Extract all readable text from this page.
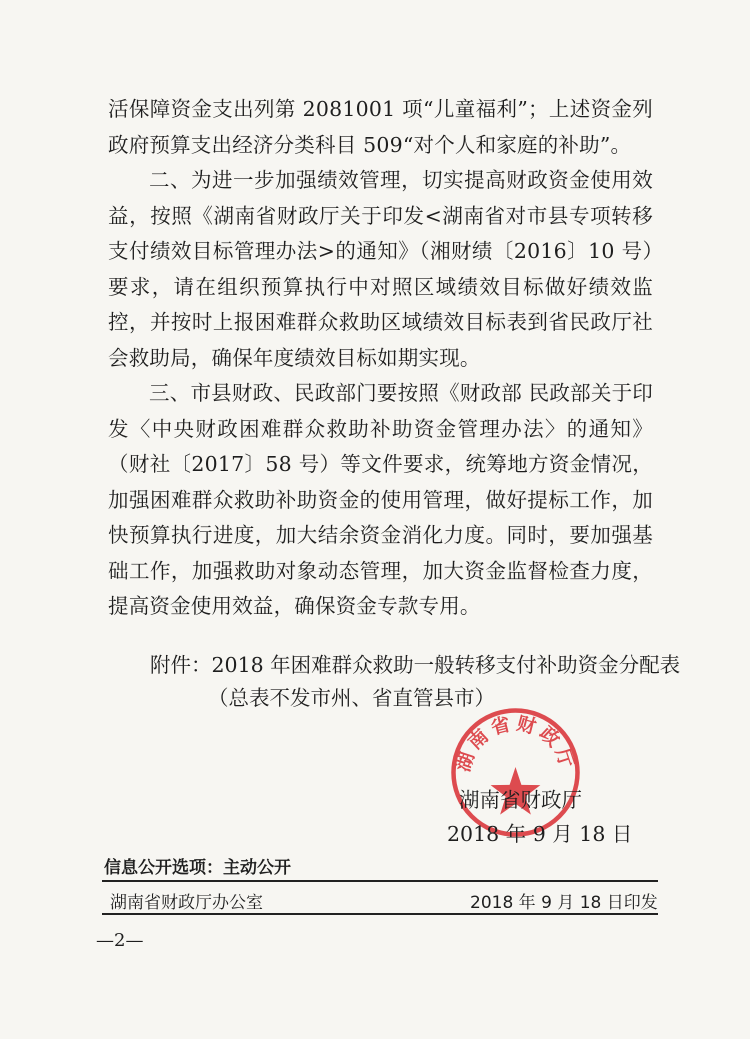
活保障资金支出列第 2081001 项“儿童福利”；上述资金列政府预算支出经济分类科目 509“对个人和家庭的补助”。

二、为进一步加强绩效管理，切实提高财政资金使用效益，按照《湖南省财政厅关于印发<湖南省对市县专项转移支付绩效目标管理办法>的通知》（湘财绩〔2016〕10 号）要求，请在组织预算执行中对照区域绩效目标做好绩效监控，并按时上报困难群众救助区域绩效目标表到省民政厅社会救助局，确保年度绩效目标如期实现。

三、市县财政、民政部门要按照《财政部 民政部关于印发〈中央财政困难群众救助补助资金管理办法〉的通知》（财社〔2017〕58 号）等文件要求，统筹地方资金情况，加强困难群众救助补助资金的使用管理，做好提标工作，加快预算执行进度，加大结余资金消化力度。同时，要加强基础工作，加强救助对象动态管理，加大资金监督检查力度，提高资金使用效益，确保资金专款专用。

附件：2018 年困难群众救助一般转移支付补助资金分配表

（总表不发市州、省直管县市）

湖南省财政厅

湖南省财政厅

2018 年 9 月 18 日

信息公开选项：主动公开
湖南省财政厅办公室	2018 年 9 月 18 日印发
—2—
